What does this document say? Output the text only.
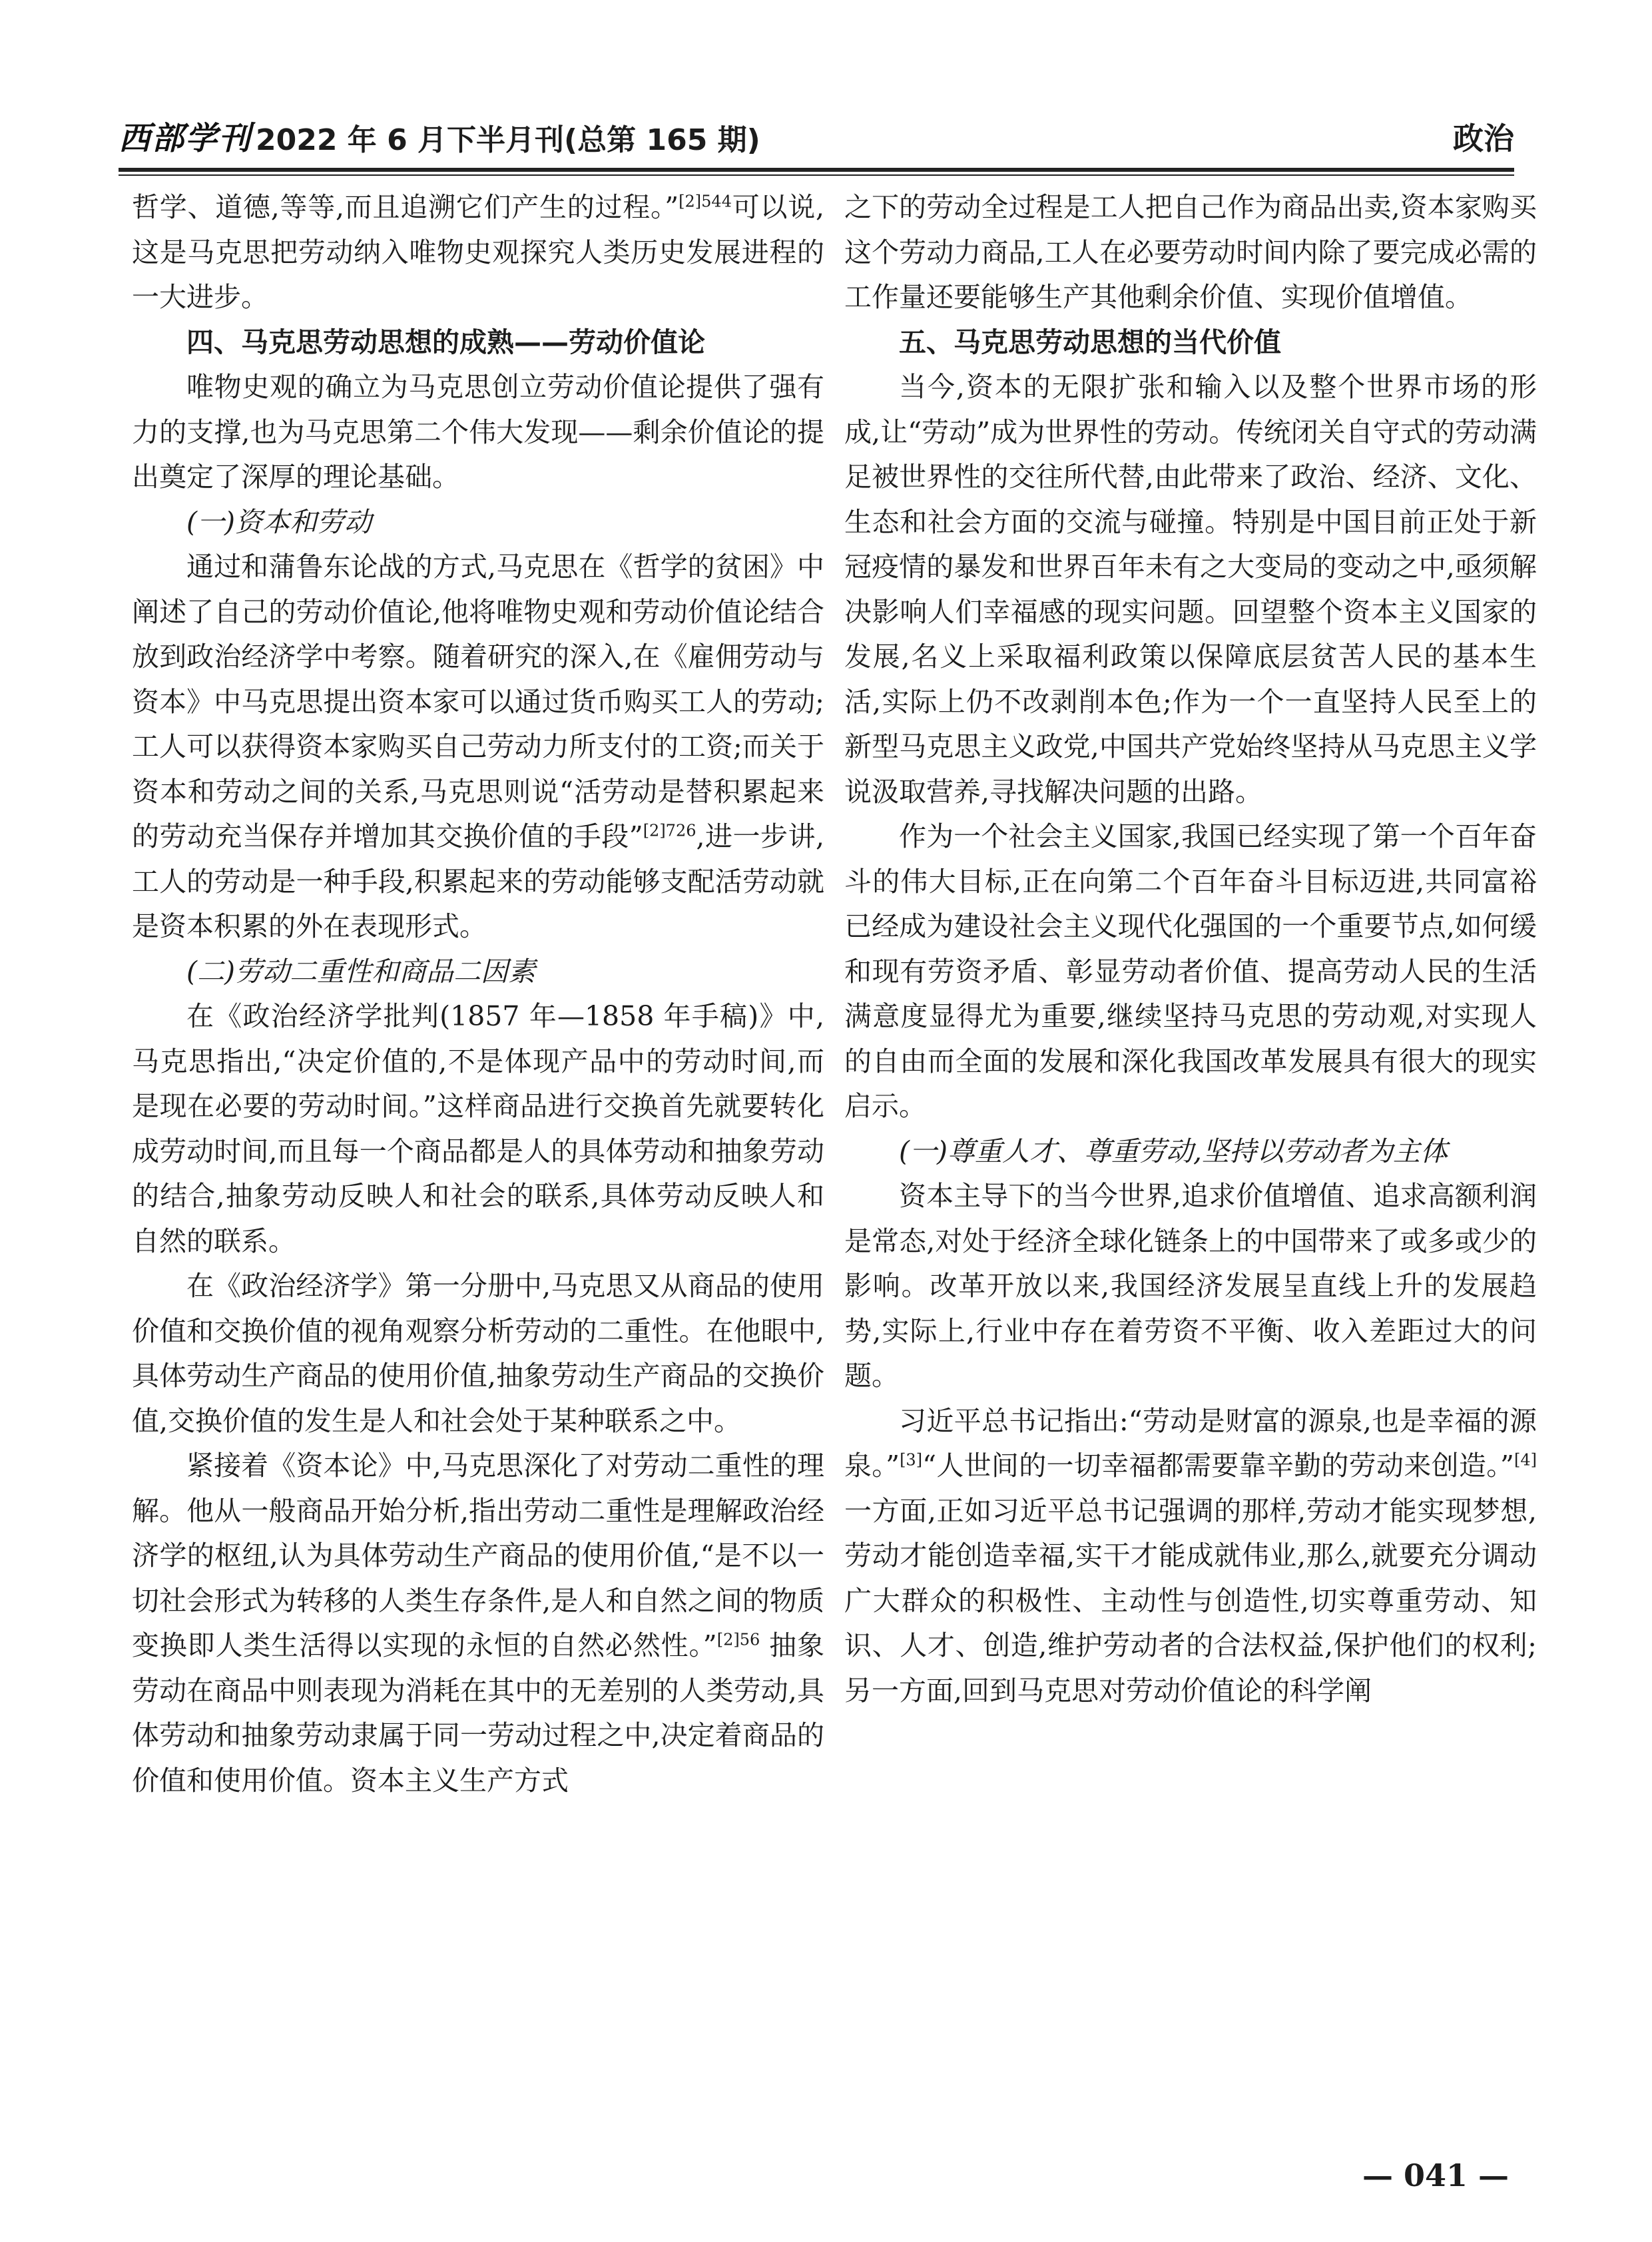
西部学刊 2022 年 6 月下半月刊(总第 165 期)	政治

哲学、道德,等等,而且追溯它们产生的过程。”$^{[2]544}$可以说,这是马克思把劳动纳入唯物史观探究人类历史发展进程的一大进步。

四、马克思劳动思想的成熟——劳动价值论

唯物史观的确立为马克思创立劳动价值论提供了强有力的支撑,也为马克思第二个伟大发现——剩余价值论的提出奠定了深厚的理论基础。

(一)资本和劳动

通过和蒲鲁东论战的方式,马克思在《哲学的贫困》中阐述了自己的劳动价值论,他将唯物史观和劳动价值论结合放到政治经济学中考察。随着研究的深入,在《雇佣劳动与资本》中马克思提出资本家可以通过货币购买工人的劳动;工人可以获得资本家购买自己劳动力所支付的工资;而关于资本和劳动之间的关系,马克思则说“活劳动是替积累起来的劳动充当保存并增加其交换价值的手段”$^{[2]726}$,进一步讲,工人的劳动是一种手段,积累起来的劳动能够支配活劳动就是资本积累的外在表现形式。

(二)劳动二重性和商品二因素

在《政治经济学批判(1857 年—1858 年手稿)》中,马克思指出,“决定价值的,不是体现产品中的劳动时间,而是现在必要的劳动时间。”这样商品进行交换首先就要转化成劳动时间,而且每一个商品都是人的具体劳动和抽象劳动的结合,抽象劳动反映人和社会的联系,具体劳动反映人和自然的联系。

在《政治经济学》第一分册中,马克思又从商品的使用价值和交换价值的视角观察分析劳动的二重性。在他眼中,具体劳动生产商品的使用价值,抽象劳动生产商品的交换价值,交换价值的发生是人和社会处于某种联系之中。

紧接着《资本论》中,马克思深化了对劳动二重性的理解。他从一般商品开始分析,指出劳动二重性是理解政治经济学的枢纽,认为具体劳动生产商品的使用价值,“是不以一切社会形式为转移的人类生存条件,是人和自然之间的物质变换即人类生活得以实现的永恒的自然必然性。”$^{[2]56}$ 抽象劳动在商品中则表现为消耗在其中的无差别的人类劳动,具体劳动和抽象劳动隶属于同一劳动过程之中,决定着商品的价值和使用价值。资本主义生产方式

之下的劳动全过程是工人把自己作为商品出卖,资本家购买这个劳动力商品,工人在必要劳动时间内除了要完成必需的工作量还要能够生产其他剩余价值、实现价值增值。

五、马克思劳动思想的当代价值

当今,资本的无限扩张和输入以及整个世界市场的形成,让“劳动”成为世界性的劳动。传统闭关自守式的劳动满足被世界性的交往所代替,由此带来了政治、经济、文化、生态和社会方面的交流与碰撞。特别是中国目前正处于新冠疫情的暴发和世界百年未有之大变局的变动之中,亟须解决影响人们幸福感的现实问题。回望整个资本主义国家的发展,名义上采取福利政策以保障底层贫苦人民的基本生活,实际上仍不改剥削本色;作为一个一直坚持人民至上的新型马克思主义政党,中国共产党始终坚持从马克思主义学说汲取营养,寻找解决问题的出路。

作为一个社会主义国家,我国已经实现了第一个百年奋斗的伟大目标,正在向第二个百年奋斗目标迈进,共同富裕已经成为建设社会主义现代化强国的一个重要节点,如何缓和现有劳资矛盾、彰显劳动者价值、提高劳动人民的生活满意度显得尤为重要,继续坚持马克思的劳动观,对实现人的自由而全面的发展和深化我国改革发展具有很大的现实启示。

(一)尊重人才、尊重劳动,坚持以劳动者为主体

资本主导下的当今世界,追求价值增值、追求高额利润是常态,对处于经济全球化链条上的中国带来了或多或少的影响。改革开放以来,我国经济发展呈直线上升的发展趋势,实际上,行业中存在着劳资不平衡、收入差距过大的问题。

习近平总书记指出:“劳动是财富的源泉,也是幸福的源泉。”[3]“人世间的一切幸福都需要靠辛勤的劳动来创造。”[4]一方面,正如习近平总书记强调的那样,劳动才能实现梦想,劳动才能创造幸福,实干才能成就伟业,那么,就要充分调动广大群众的积极性、主动性与创造性,切实尊重劳动、知识、人才、创造,维护劳动者的合法权益,保护他们的权利;另一方面,回到马克思对劳动价值论的科学阐

— 041 —
